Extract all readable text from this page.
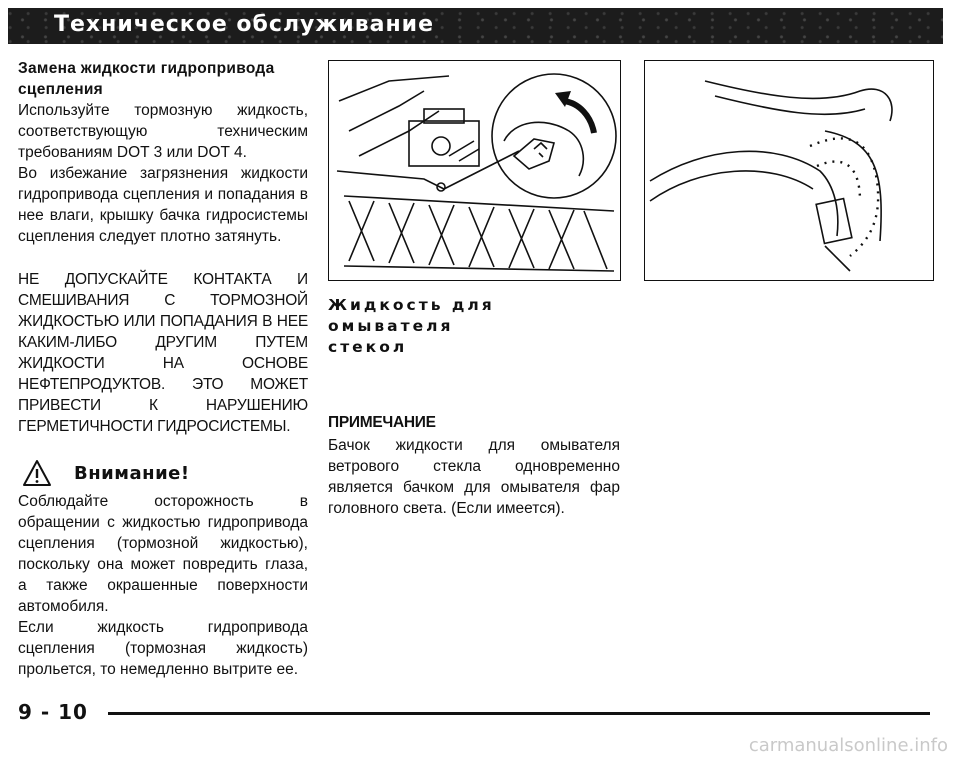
Техническое обслуживание

Замена жидкости гидропривода

сцепления

Используйте тормозную жидкость, соответствующую техническим требованиям DOT 3 или DOT 4.

Во избежание загрязнения жидкости гидропривода сцепления и попадания в нее влаги, крышку бачка гидросистемы сцепления следует плотно затянуть.

НЕ ДОПУСКАЙТЕ КОНТАКТА И СМЕШИВАНИЯ С ТОРМОЗНОЙ ЖИДКОСТЬЮ ИЛИ ПОПАДАНИЯ В НЕЕ КАКИМ-ЛИБО ДРУГИМ ПУТЕМ ЖИДКОСТИ НА ОСНОВЕ НЕФТЕПРОДУКТОВ. ЭТО МОЖЕТ ПРИВЕСТИ К НАРУШЕНИЮ ГЕРМЕТИЧНОСТИ ГИДРОСИСТЕМЫ.

Внимание!

Соблюдайте осторожность в обращении с жидкостью гидропривода сцепления (тормозной жидкостью), поскольку она может повредить глаза, а также окрашенные поверхности автомобиля.

Если жидкость гидропривода сцепления (тормозная жидкость) прольется, то немедленно вытрите ее.

Жидкость для омывателя

стекол

ПРИМЕЧАНИЕ

Бачок жидкости для омывателя ветрового стекла одновременно является бачком для омывателя фар головного света. (Если имеется).

9 - 10
carmanualsonline.info
